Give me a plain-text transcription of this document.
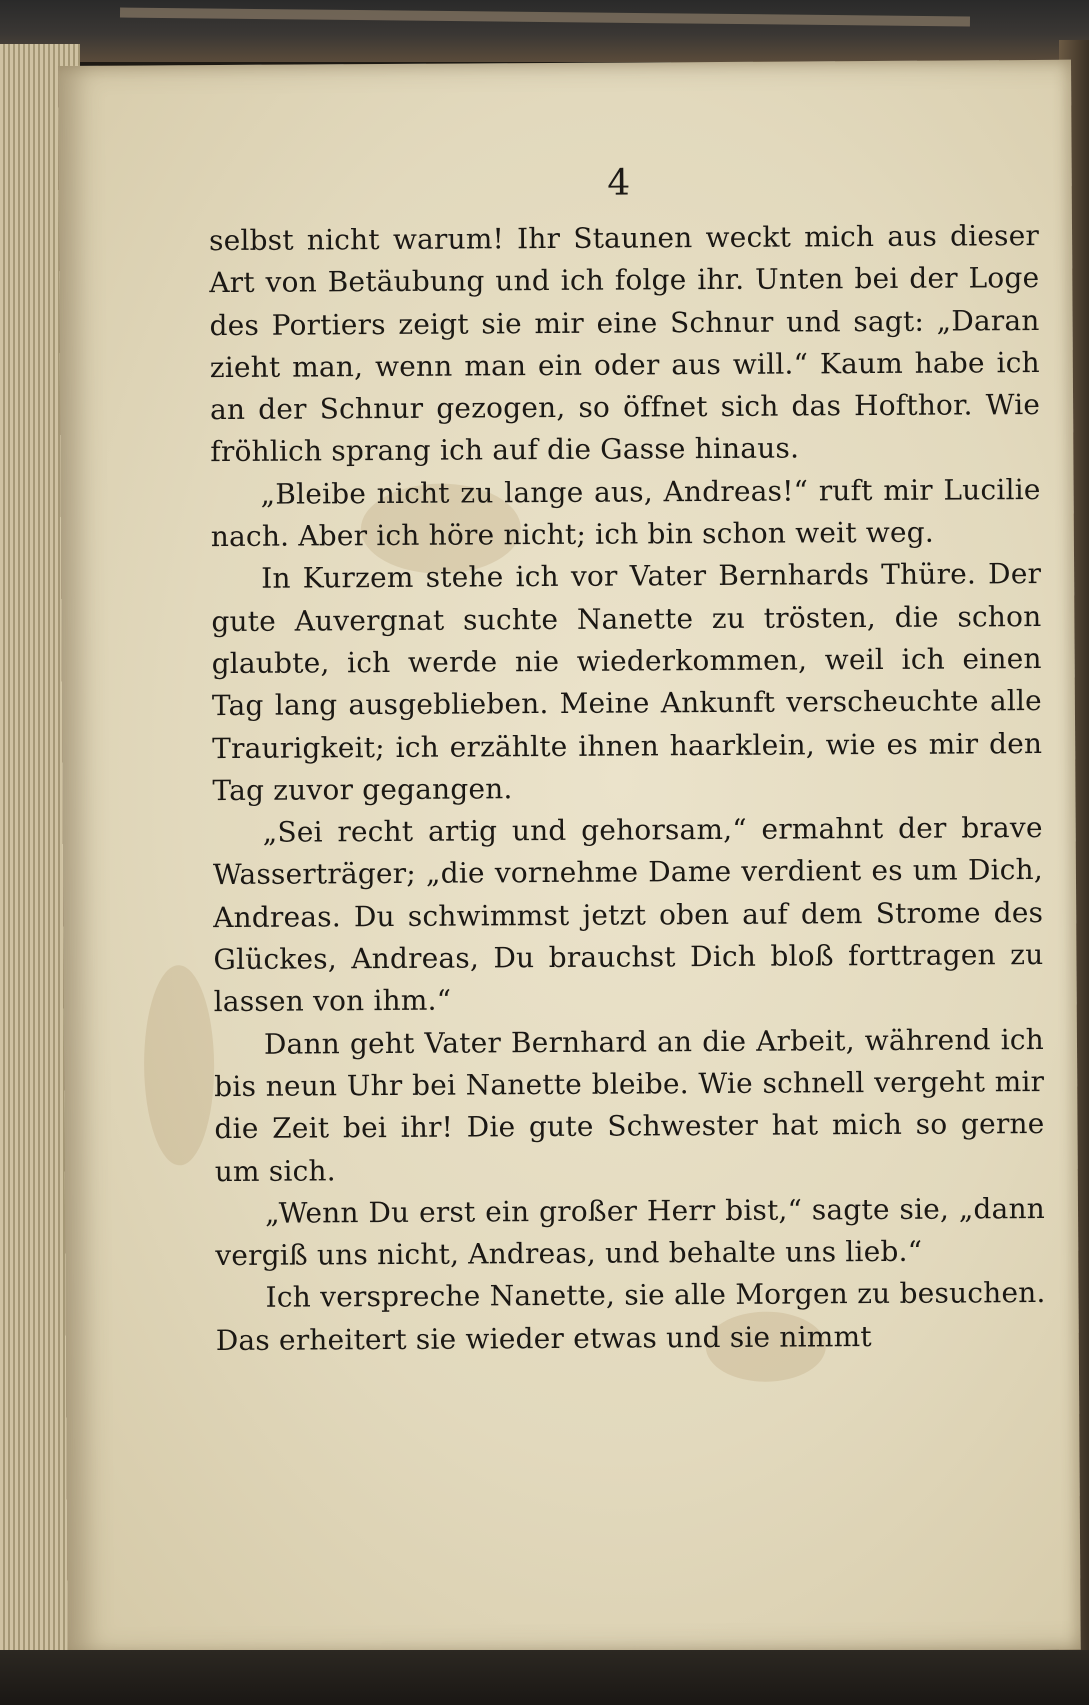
4

selbst nicht warum! Ihr Staunen weckt mich aus dieser Art von Betäubung und ich folge ihr. Unten bei der Loge des Portiers zeigt sie mir eine Schnur und sagt: „Daran zieht man, wenn man ein oder aus will.“ Kaum habe ich an der Schnur gezogen, so öffnet sich das Hofthor. Wie fröhlich sprang ich auf die Gasse hinaus.

„Bleibe nicht zu lange aus, Andreas!“ ruft mir Lucilie nach. Aber ich höre nicht; ich bin schon weit weg.

In Kurzem stehe ich vor Vater Bernhards Thüre. Der gute Auvergnat suchte Nanette zu trösten, die schon glaubte, ich werde nie wiederkommen, weil ich einen Tag lang ausgeblieben. Meine Ankunft verscheuchte alle Traurigkeit; ich erzählte ihnen haarklein, wie es mir den Tag zuvor gegangen.

„Sei recht artig und gehorsam,“ ermahnt der brave Wasserträger; „die vornehme Dame verdient es um Dich, Andreas. Du schwimmst jetzt oben auf dem Strome des Glückes, Andreas, Du brauchst Dich bloß forttragen zu lassen von ihm.“

Dann geht Vater Bernhard an die Arbeit, während ich bis neun Uhr bei Nanette bleibe. Wie schnell vergeht mir die Zeit bei ihr! Die gute Schwester hat mich so gerne um sich.

„Wenn Du erst ein großer Herr bist,“ sagte sie, „dann vergiß uns nicht, Andreas, und behalte uns lieb.“

Ich verspreche Nanette, sie alle Morgen zu besuchen. Das erheitert sie wieder etwas und sie nimmt
